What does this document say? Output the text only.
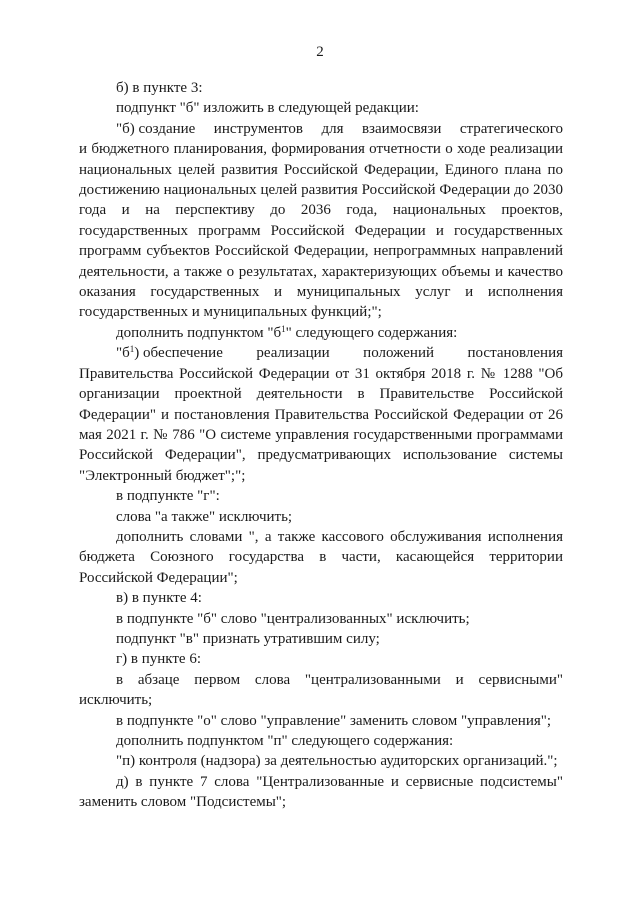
2

б) в пункте 3:

подпункт "б" изложить в следующей редакции:

"б) создание инструментов для взаимосвязи стратегического

и бюджетного планирования, формирования отчетности о ходе реализации национальных целей развития Российской Федерации, Единого плана по достижению национальных целей развития Российской Федерации до 2030 года и на перспективу до 2036 года, национальных проектов, государственных программ Российской Федерации и государственных программ субъектов Российской Федерации, непрограммных направлений деятельности, а также о результатах, характеризующих объемы и качество оказания государственных и муниципальных услуг и исполнения государственных и муниципальных функций;";

дополнить подпунктом "$б^1$" следующего содержания:

"$б^1$) обеспечение реализации положений постановления

Правительства Российской Федерации от 31 октября 2018 г. № 1288 "Об организации проектной деятельности в Правительстве Российской Федерации" и постановления Правительства Российской Федерации от 26 мая 2021 г. № 786 "О системе управления государственными программами Российской Федерации", предусматривающих использование системы "Электронный бюджет";";

в подпункте "г":

слова "а также" исключить;

дополнить словами ", а также кассового обслуживания исполнения бюджета Союзного государства в части, касающейся территории Российской Федерации";

в) в пункте 4:

в подпункте "б" слово "централизованных" исключить;

подпункт "в" признать утратившим силу;

г) в пункте 6:

в абзаце первом слова "централизованными и сервисными" исключить;

в подпункте "о" слово "управление" заменить словом "управления";

дополнить подпунктом "п" следующего содержания:

"п) контроля (надзора) за деятельностью аудиторских организаций.";

д) в пункте 7 слова "Централизованные и сервисные подсистемы" заменить словом "Подсистемы";
